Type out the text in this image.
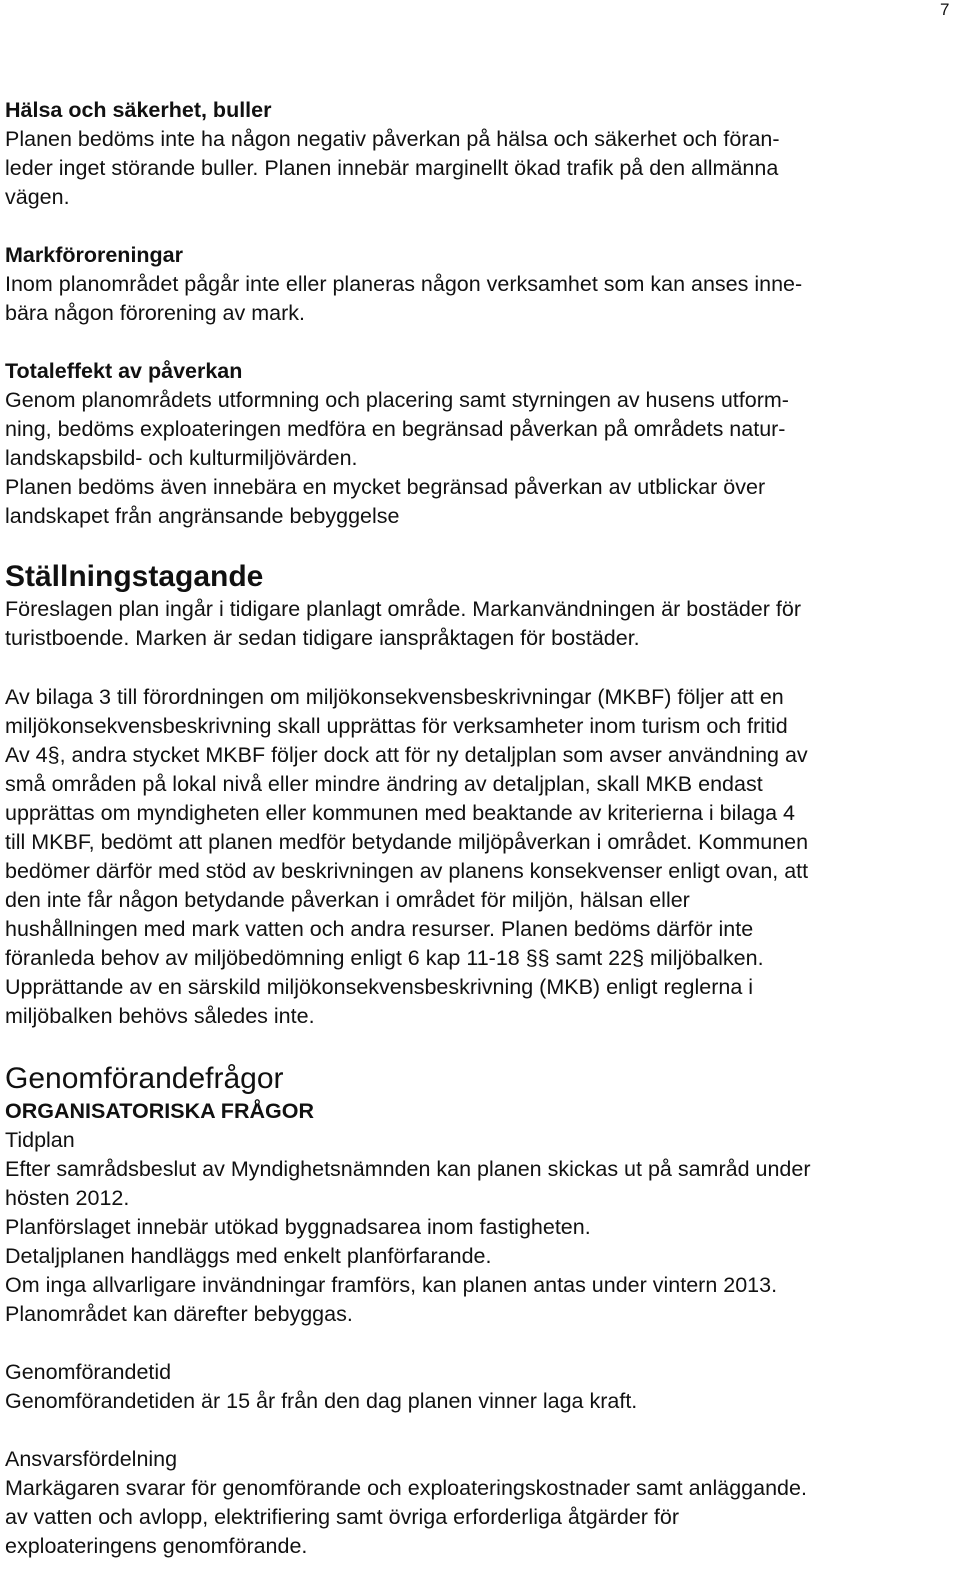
7

Hälsa och säkerhet, buller

Planen bedöms inte ha någon negativ påverkan på hälsa och säkerhet och föran-

leder inget störande buller. Planen innebär marginellt ökad trafik på den allmänna

vägen.

Markföroreningar

Inom planområdet pågår inte eller planeras någon verksamhet som kan anses inne-

bära någon förorening av mark.

Totaleffekt av påverkan

Genom planområdets utformning och placering samt styrningen av husens utform-

ning, bedöms exploateringen medföra en begränsad påverkan på områdets natur-

landskapsbild- och kulturmiljövärden.

Planen bedöms även innebära en mycket begränsad påverkan av utblickar över

landskapet från angränsande bebyggelse

Ställningstagande

Föreslagen plan ingår i tidigare planlagt område. Markanvändningen är bostäder för

turistboende. Marken är sedan tidigare ianspråktagen för bostäder.

Av bilaga 3 till förordningen om miljökonsekvensbeskrivningar (MKBF) följer att en

miljökonsekvensbeskrivning skall upprättas för verksamheter inom turism och fritid

Av 4§, andra stycket MKBF följer dock att för ny detaljplan som avser användning av

små områden på lokal nivå eller mindre ändring av detaljplan, skall MKB endast

upprättas om myndigheten eller kommunen med beaktande av kriterierna i bilaga 4

till MKBF, bedömt att planen medför betydande miljöpåverkan i området. Kommunen

bedömer därför med stöd av beskrivningen av planens konsekvenser enligt ovan, att

den inte får någon betydande påverkan i området för miljön, hälsan eller

hushållningen med mark vatten och andra resurser. Planen bedöms därför inte

föranleda behov av miljöbedömning enligt 6 kap 11-18 §§ samt 22§ miljöbalken.

Upprättande av en särskild miljökonsekvensbeskrivning (MKB) enligt reglerna i

miljöbalken behövs således inte.

Genomförandefrågor

ORGANISATORISKA FRÅGOR

Tidplan

Efter samrådsbeslut av Myndighetsnämnden kan planen skickas ut på samråd under

hösten 2012.

Planförslaget innebär utökad byggnadsarea inom fastigheten.

Detaljplanen handläggs med enkelt planförfarande.

Om inga allvarligare invändningar framförs, kan planen antas under vintern 2013.

Planområdet kan därefter bebyggas.

Genomförandetid

Genomförandetiden är 15 år från den dag planen vinner laga kraft.

Ansvarsfördelning

Markägaren svarar för genomförande och exploateringskostnader samt anläggande.

av vatten och avlopp, elektrifiering samt övriga erforderliga åtgärder för

exploateringens genomförande.
